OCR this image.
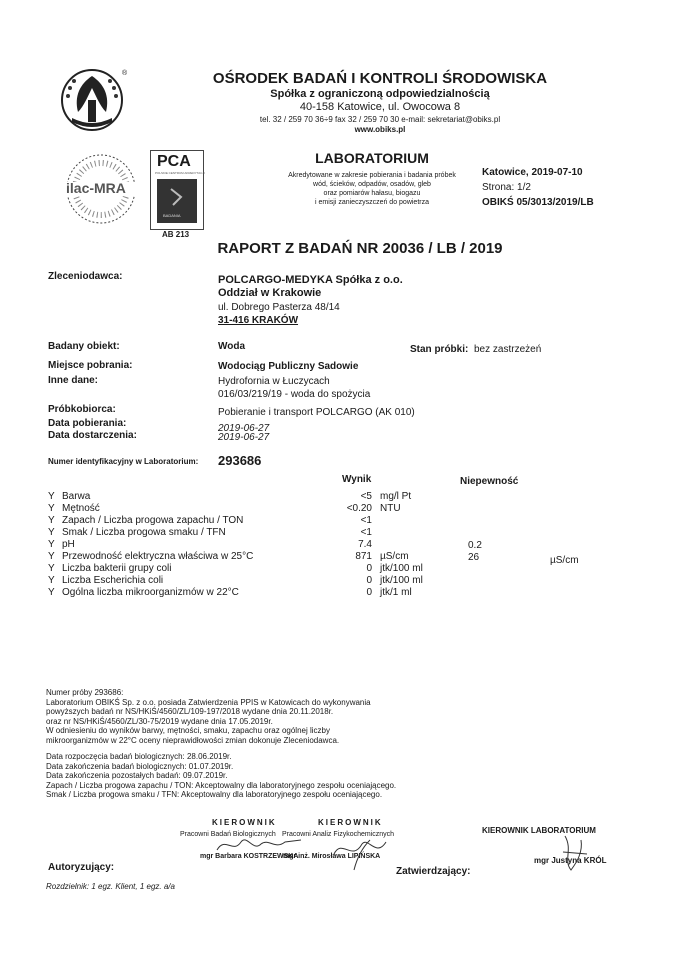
®	OŚRODEK BADAŃ I KONTROLI ŚRODOWISKA
Spółka z ograniczoną odpowiedzialnością
40-158 Katowice, ul. Owocowa 8
tel. 32 / 259 70 36÷9 fax 32 / 259 70 30 e-mail: sekretariat@obiks.pl
www.obiks.pl
ilac-MRA
PCA
POLSKIE CENTRUM AKREDYTACJI
BADANIA
AB 213
LABORATORIUM
Akredytowane w zakresie pobierania i badania próbek
wód, ścieków, odpadów, osadów, gleb
oraz pomiarów hałasu, biogazu
i emisji zanieczyszczeń do powietrza
Katowice, 2019-07-10
Strona: 1/2
OBIKŚ 05/3013/2019/LB
RAPORT Z BADAŃ NR 20036 / LB / 2019
Zleceniodawca:	POLCARGO-MEDYKA Spółka z o.o.
Oddział w Krakowie
ul. Dobrego Pasterza 48/14
31-416 KRAKÓW
Badany obiekt:	Woda	Stan próbki: bez zastrzeżeń
Miejsce pobrania:	Wodociąg Publiczny Sadowie
Inne dane:	Hydrofornia w Łuczycach
016/03/219/19 - woda do spożycia
Próbkobiorca:	Pobieranie i transport POLCARGO (AK 010)
Data pobierania:	2019-06-27
Data dostarczenia:	2019-06-27
Numer identyfikacyjny w Laboratorium: 293686
Wynik	Niepewność
Y Barwa	<5 mg/l Pt
Y Mętność	<0.20 NTU
Y Zapach / Liczba progowa zapachu / TON	<1
Y Smak / Liczba progowa smaku / TFN	<1
Y pH	7.4	0.2
Y Przewodność elektryczna właściwa w 25°C	871 µS/cm	26	µS/cm
Y Liczba bakterii grupy coli	0 jtk/100 ml
Y Liczba Escherichia coli	0 jtk/100 ml
Y Ogólna liczba mikroorganizmów w 22°C	0 jtk/1 ml
Numer próby 293686:
Laboratorium OBIKŚ Sp. z o.o. posiada Zatwierdzenia PPIS w Katowicach do wykonywania
powyższych badań nr NS/HKiŚ/4560/ZL/109-197/2018 wydane dnia 20.11.2018r.
oraz nr NS/HKiŚ/4560/ZL/30-75/2019 wydane dnia 17.05.2019r.
W odniesieniu do wyników barwy, mętności, smaku, zapachu oraz ogólnej liczby
mikroorganizmów w 22°C oceny nieprawidłowości zmian dokonuje Zleceniodawca.
Data rozpoczęcia badań biologicznych: 28.06.2019r.
Data zakończenia badań biologicznych: 01.07.2019r.
Data zakończenia pozostałych badań: 09.07.2019r.
Zapach / Liczba progowa zapachu / TON: Akceptowalny dla laboratoryjnego zespołu oceniającego.
Smak / Liczba progowa smaku / TFN: Akceptowalny dla laboratoryjnego zespołu oceniającego.
KIEROWNIK
Pracowni Badań Biologicznych
mgr Barbara KOSTRZEWSKA
KIEROWNIK
Pracowni Analiz Fizykochemicznych
mgr inż. Mirosława LIPIŃSKA
KIEROWNIK LABORATORIUM
mgr Justyna KRÓL
Autoryzujący:	Zatwierdzający:
Rozdzielnik: 1 egz. Klient, 1 egz. a/a
